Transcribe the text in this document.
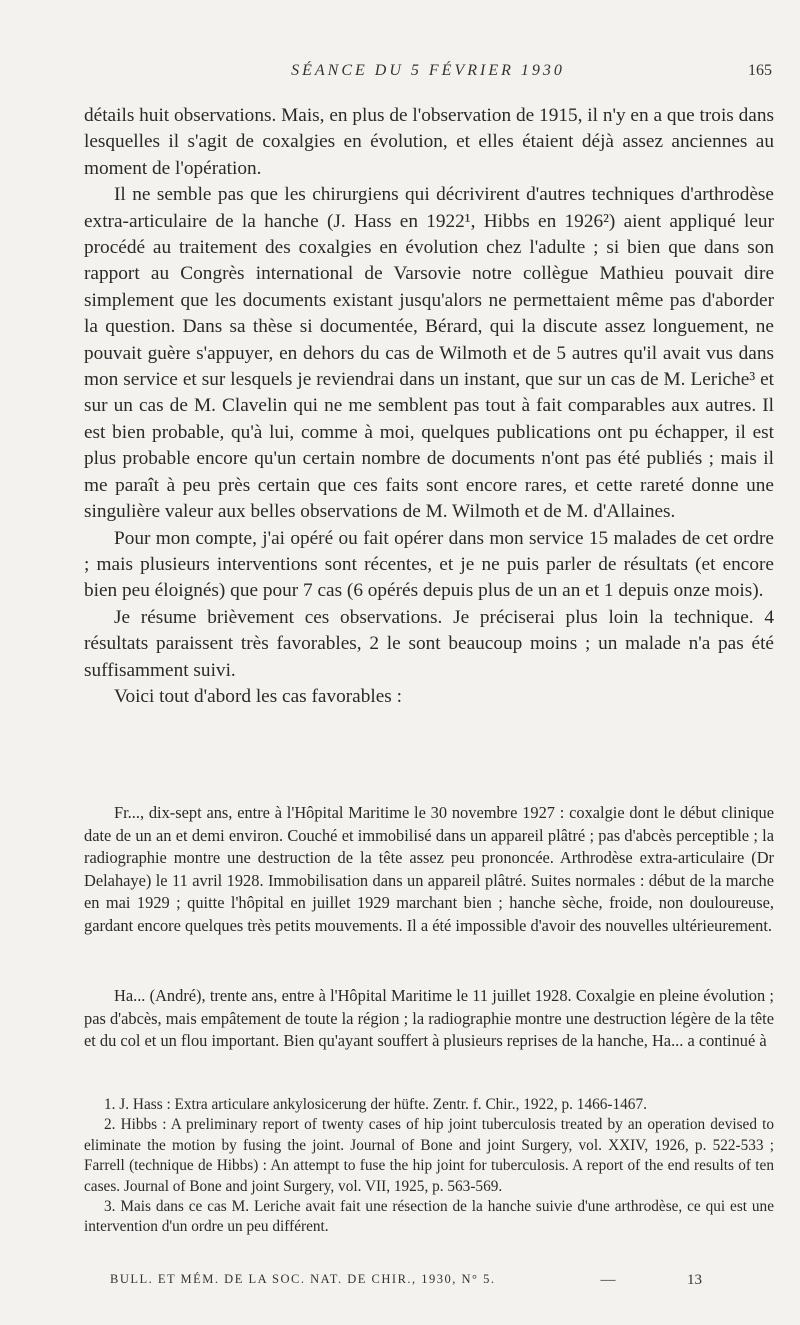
SÉANCE DU 5 FÉVRIER 1930	165

détails huit observations. Mais, en plus de l'observation de 1915, il n'y en a que trois dans lesquelles il s'agit de coxalgies en évolution, et elles étaient déjà assez anciennes au moment de l'opération.

Il ne semble pas que les chirurgiens qui décrivirent d'autres techniques d'arthrodèse extra-articulaire de la hanche (J. Hass en 1922¹, Hibbs en 1926²) aient appliqué leur procédé au traitement des coxalgies en évolution chez l'adulte ; si bien que dans son rapport au Congrès international de Varsovie notre collègue Mathieu pouvait dire simplement que les documents existant jusqu'alors ne permettaient même pas d'aborder la question. Dans sa thèse si documentée, Bérard, qui la discute assez longuement, ne pouvait guère s'appuyer, en dehors du cas de Wilmoth et de 5 autres qu'il avait vus dans mon service et sur lesquels je reviendrai dans un instant, que sur un cas de M. Leriche³ et sur un cas de M. Clavelin qui ne me semblent pas tout à fait comparables aux autres. Il est bien probable, qu'à lui, comme à moi, quelques publications ont pu échapper, il est plus probable encore qu'un certain nombre de documents n'ont pas été publiés ; mais il me paraît à peu près certain que ces faits sont encore rares, et cette rareté donne une singulière valeur aux belles observations de M. Wilmoth et de M. d'Allaines.

Pour mon compte, j'ai opéré ou fait opérer dans mon service 15 malades de cet ordre ; mais plusieurs interventions sont récentes, et je ne puis parler de résultats (et encore bien peu éloignés) que pour 7 cas (6 opérés depuis plus de un an et 1 depuis onze mois).

Je résume brièvement ces observations. Je préciserai plus loin la technique. 4 résultats paraissent très favorables, 2 le sont beaucoup moins ; un malade n'a pas été suffisamment suivi.

Voici tout d'abord les cas favorables :

Fr..., dix-sept ans, entre à l'Hôpital Maritime le 30 novembre 1927 : coxalgie dont le début clinique date de un an et demi environ. Couché et immobilisé dans un appareil plâtré ; pas d'abcès perceptible ; la radiographie montre une destruction de la tête assez peu prononcée. Arthrodèse extra-articulaire (Dr Delahaye) le 11 avril 1928. Immobilisation dans un appareil plâtré. Suites normales : début de la marche en mai 1929 ; quitte l'hôpital en juillet 1929 marchant bien ; hanche sèche, froide, non douloureuse, gardant encore quelques très petits mouvements. Il a été impossible d'avoir des nouvelles ultérieurement.

Ha... (André), trente ans, entre à l'Hôpital Maritime le 11 juillet 1928. Coxalgie en pleine évolution ; pas d'abcès, mais empâtement de toute la région ; la radiographie montre une destruction légère de la tête et du col et un flou important. Bien qu'ayant souffert à plusieurs reprises de la hanche, Ha... a continué à

1. J. Hass : Extra articulare ankylosicerung der hüfte. Zentr. f. Chir., 1922, p. 1466-1467.

2. Hibbs : A preliminary report of twenty cases of hip joint tuberculosis treated by an operation devised to eliminate the motion by fusing the joint. Journal of Bone and joint Surgery, vol. XXIV, 1926, p. 522-533 ; Farrell (technique de Hibbs) : An attempt to fuse the hip joint for tuberculosis. A report of the end results of ten cases. Journal of Bone and joint Surgery, vol. VII, 1925, p. 563-569.

3. Mais dans ce cas M. Leriche avait fait une résection de la hanche suivie d'une arthrodèse, ce qui est une intervention d'un ordre un peu différent.

BULL. ET MÉM. DE LA SOC. NAT. DE CHIR., 1930, N° 5.	—	13
